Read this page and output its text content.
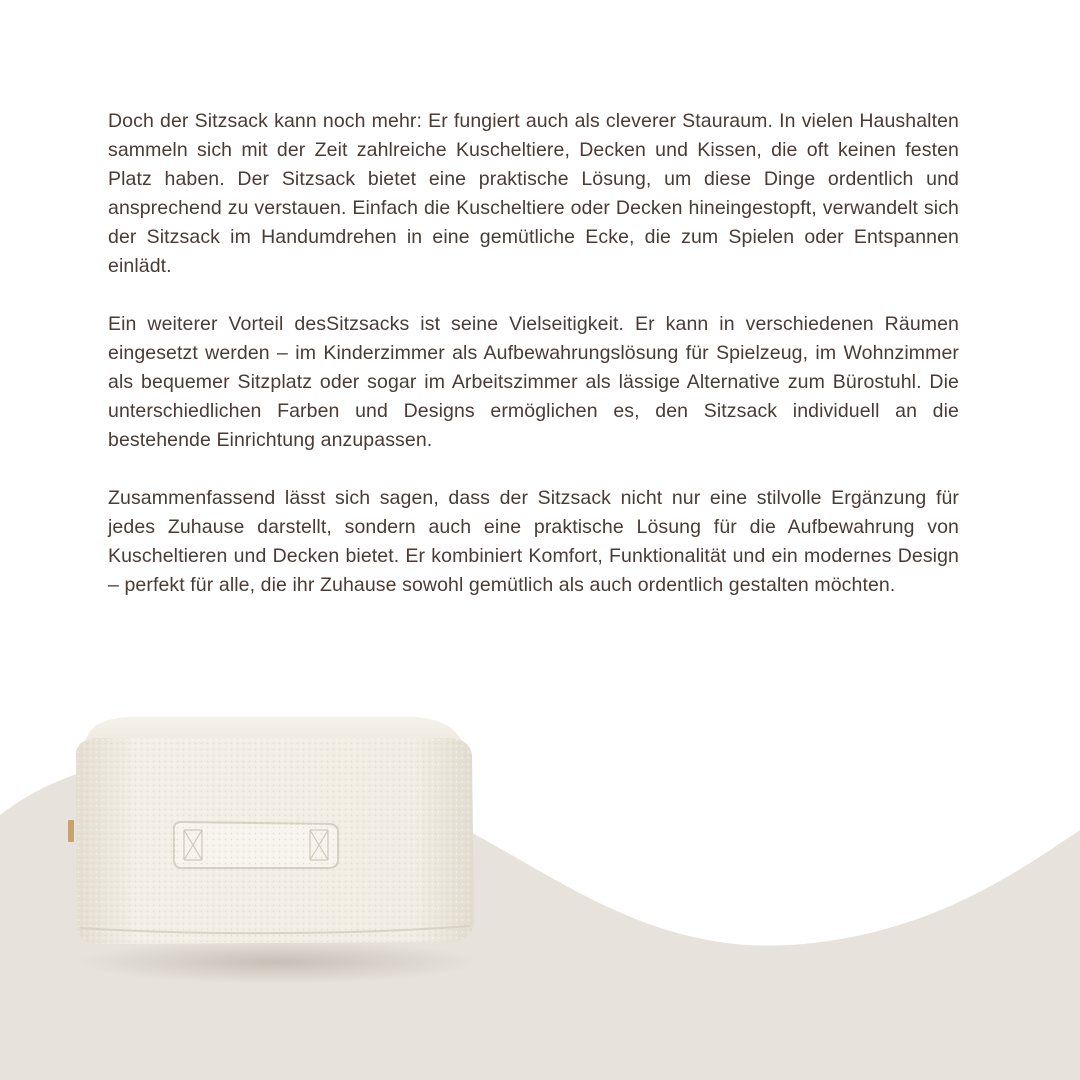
Doch der Sitzsack kann noch mehr: Er fungiert auch als cleverer Stauraum. In vielen Haushalten sammeln sich mit der Zeit zahlreiche Kuscheltiere, Decken und Kissen, die oft keinen festen Platz haben. Der Sitzsack bietet eine praktische Lösung, um diese Dinge ordentlich und ansprechend zu verstauen. Einfach die Kuscheltiere oder Decken hineingestopft, verwandelt sich der Sitzsack im Handumdrehen in eine gemütliche Ecke, die zum Spielen oder Entspannen einlädt.

Ein weiterer Vorteil desSitzsacks ist seine Vielseitigkeit. Er kann in verschiedenen Räumen eingesetzt werden – im Kinderzimmer als Aufbewahrungslösung für Spielzeug, im Wohnzimmer als bequemer Sitzplatz oder sogar im Arbeitszimmer als lässige Alternative zum Bürostuhl. Die unterschiedlichen Farben und Designs ermöglichen es, den Sitzsack individuell an die bestehende Einrichtung anzupassen.

Zusammenfassend lässt sich sagen, dass der Sitzsack nicht nur eine stilvolle Ergänzung für jedes Zuhause darstellt, sondern auch eine praktische Lösung für die Aufbewahrung von Kuscheltieren und Decken bietet. Er kombiniert Komfort, Funktionalität und ein modernes Design – perfekt für alle, die ihr Zuhause sowohl gemütlich als auch ordentlich gestalten möchten.
